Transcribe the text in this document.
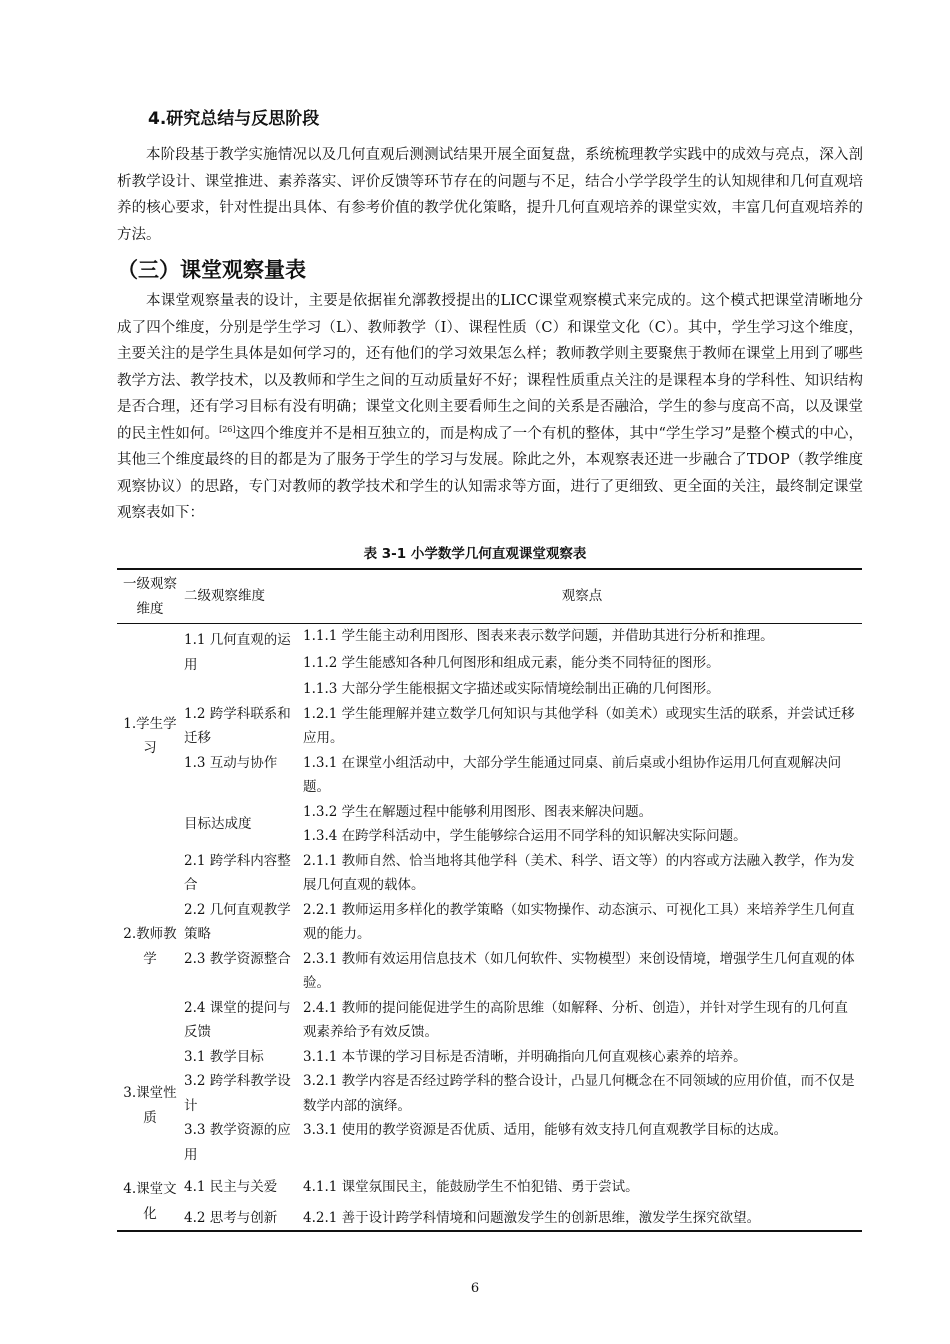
4.研究总结与反思阶段

本阶段基于教学实施情况以及几何直观后测测试结果开展全面复盘，系统梳理教学实践中的成效与亮点，深入剖析教学设计、课堂推进、素养落实、评价反馈等环节存在的问题与不足，结合小学学段学生的认知规律和几何直观培养的核心要求，针对性提出具体、有参考价值的教学优化策略，提升几何直观培养的课堂实效，丰富几何直观培养的方法。

（三）课堂观察量表

本课堂观察量表的设计，主要是依据崔允漷教授提出的LICC课堂观察模式来完成的。这个模式把课堂清晰地分成了四个维度，分别是学生学习（L）、教师教学（I）、课程性质（C）和课堂文化（C）。其中，学生学习这个维度，主要关注的是学生具体是如何学习的，还有他们的学习效果怎么样；教师教学则主要聚焦于教师在课堂上用到了哪些教学方法、教学技术，以及教师和学生之间的互动质量好不好；课程性质重点关注的是课程本身的学科性、知识结构是否合理，还有学习目标有没有明确；课堂文化则主要看师生之间的关系是否融洽，学生的参与度高不高，以及课堂的民主性如何。[26]这四个维度并不是相互独立的，而是构成了一个有机的整体，其中“学生学习”是整个模式的中心，其他三个维度最终的目的都是为了服务于学生的学习与发展。除此之外，本观察表还进一步融合了TDOP（教学维度观察协议）的思路，专门对教师的教学技术和学生的认知需求等方面，进行了更细致、更全面的关注，最终制定课堂观察表如下：

表 3-1 小学数学几何直观课堂观察表
一级观察维度	二级观察维度	观察点
1.学生学习	1.1 几何直观的运用	1.1.1 学生能主动利用图形、图表来表示数学问题，并借助其进行分析和推理。
		1.1.2 学生能感知各种几何图形和组成元素，能分类不同特征的图形。
		1.1.3 大部分学生能根据文字描述或实际情境绘制出正确的几何图形。
	1.2 跨学科联系和迁移	1.2.1 学生能理解并建立数学几何知识与其他学科（如美术）或现实生活的联系，并尝试迁移应用。
	1.3 互动与协作	1.3.1 在课堂小组活动中，大部分学生能通过同桌、前后桌或小组协作运用几何直观解决问题。
	目标达成度	1.3.2 学生在解题过程中能够利用图形、图表来解决问题。
		1.3.4 在跨学科活动中，学生能够综合运用不同学科的知识解决实际问题。
2.教师教学	2.1 跨学科内容整合	2.1.1 教师自然、恰当地将其他学科（美术、科学、语文等）的内容或方法融入教学，作为发展几何直观的载体。
	2.2 几何直观教学策略	2.2.1 教师运用多样化的教学策略（如实物操作、动态演示、可视化工具）来培养学生几何直观的能力。
	2.3 教学资源整合	2.3.1 教师有效运用信息技术（如几何软件、实物模型）来创设情境，增强学生几何直观的体验。
	2.4 课堂的提问与反馈	2.4.1 教师的提问能促进学生的高阶思维（如解释、分析、创造），并针对学生现有的几何直观素养给予有效反馈。
3.课堂性质	3.1 教学目标	3.1.1 本节课的学习目标是否清晰，并明确指向几何直观核心素养的培养。
	3.2 跨学科教学设计	3.2.1 教学内容是否经过跨学科的整合设计，凸显几何概念在不同领域的应用价值，而不仅是数学内部的演绎。
	3.3 教学资源的应用	3.3.1 使用的教学资源是否优质、适用，能够有效支持几何直观教学目标的达成。
4.课堂文化	4.1 民主与关爱	4.1.1 课堂氛围民主，能鼓励学生不怕犯错、勇于尝试。
	4.2 思考与创新	4.2.1 善于设计跨学科情境和问题激发学生的创新思维，激发学生探究欲望。
6
